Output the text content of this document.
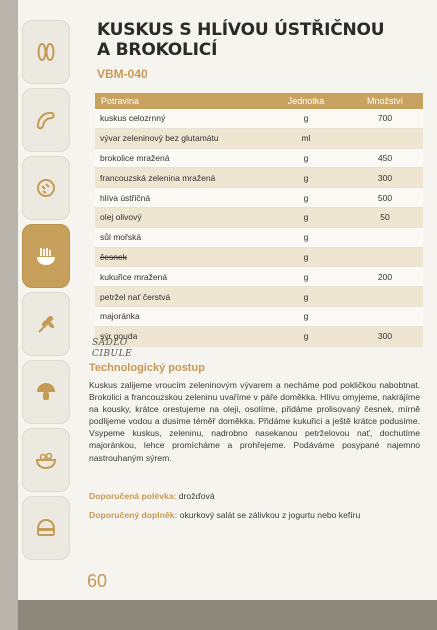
KUSKUS S HLÍVOU ÚSTŘIČNOU
A BROKOLICÍ
VBM-040
Potravina	Jednotka	Množství
kuskus celozrnný	g	700
vývar zeleninový bez glutamátu	ml	
brokolice mražená	g	450
francouzská zelenina mražená	g	300
hlíva ústřičná	g	500
olej olivový	g	50
sůl mořská	g	
česnek	g	
kukuřice mražená	g	200
petržel nať čerstvá	g	
majoránka	g	
sýr gouda	g	300
SÁDLO
CIBULE
Technologický postup
Kuskus zalijeme vroucím zeleninovým vývarem a necháme pod pokličkou nabobtnat. Brokolici a francouzskou zeleninu uvaříme v páře doměkka. Hlívu omyjeme, nakrájíme na kousky, krátce orestujeme na oleji, osolíme, přidáme prolisovaný česnek, mírně podlijeme vodou a dusíme téměř doměkka. Přidáme kukuřici a ještě krátce podusíme. Vsypeme kuskus, zeleninu, nadrobno nasekanou petrželovou nať, dochutíme majoránkou, lehce promícháme a prohřejeme. Podáváme posypané najemno nastrouhaným sýrem.
Doporučená polévka: drožďová
Doporučený doplněk: okurkový salát se zálivkou z jogurtu nebo kefíru
60
